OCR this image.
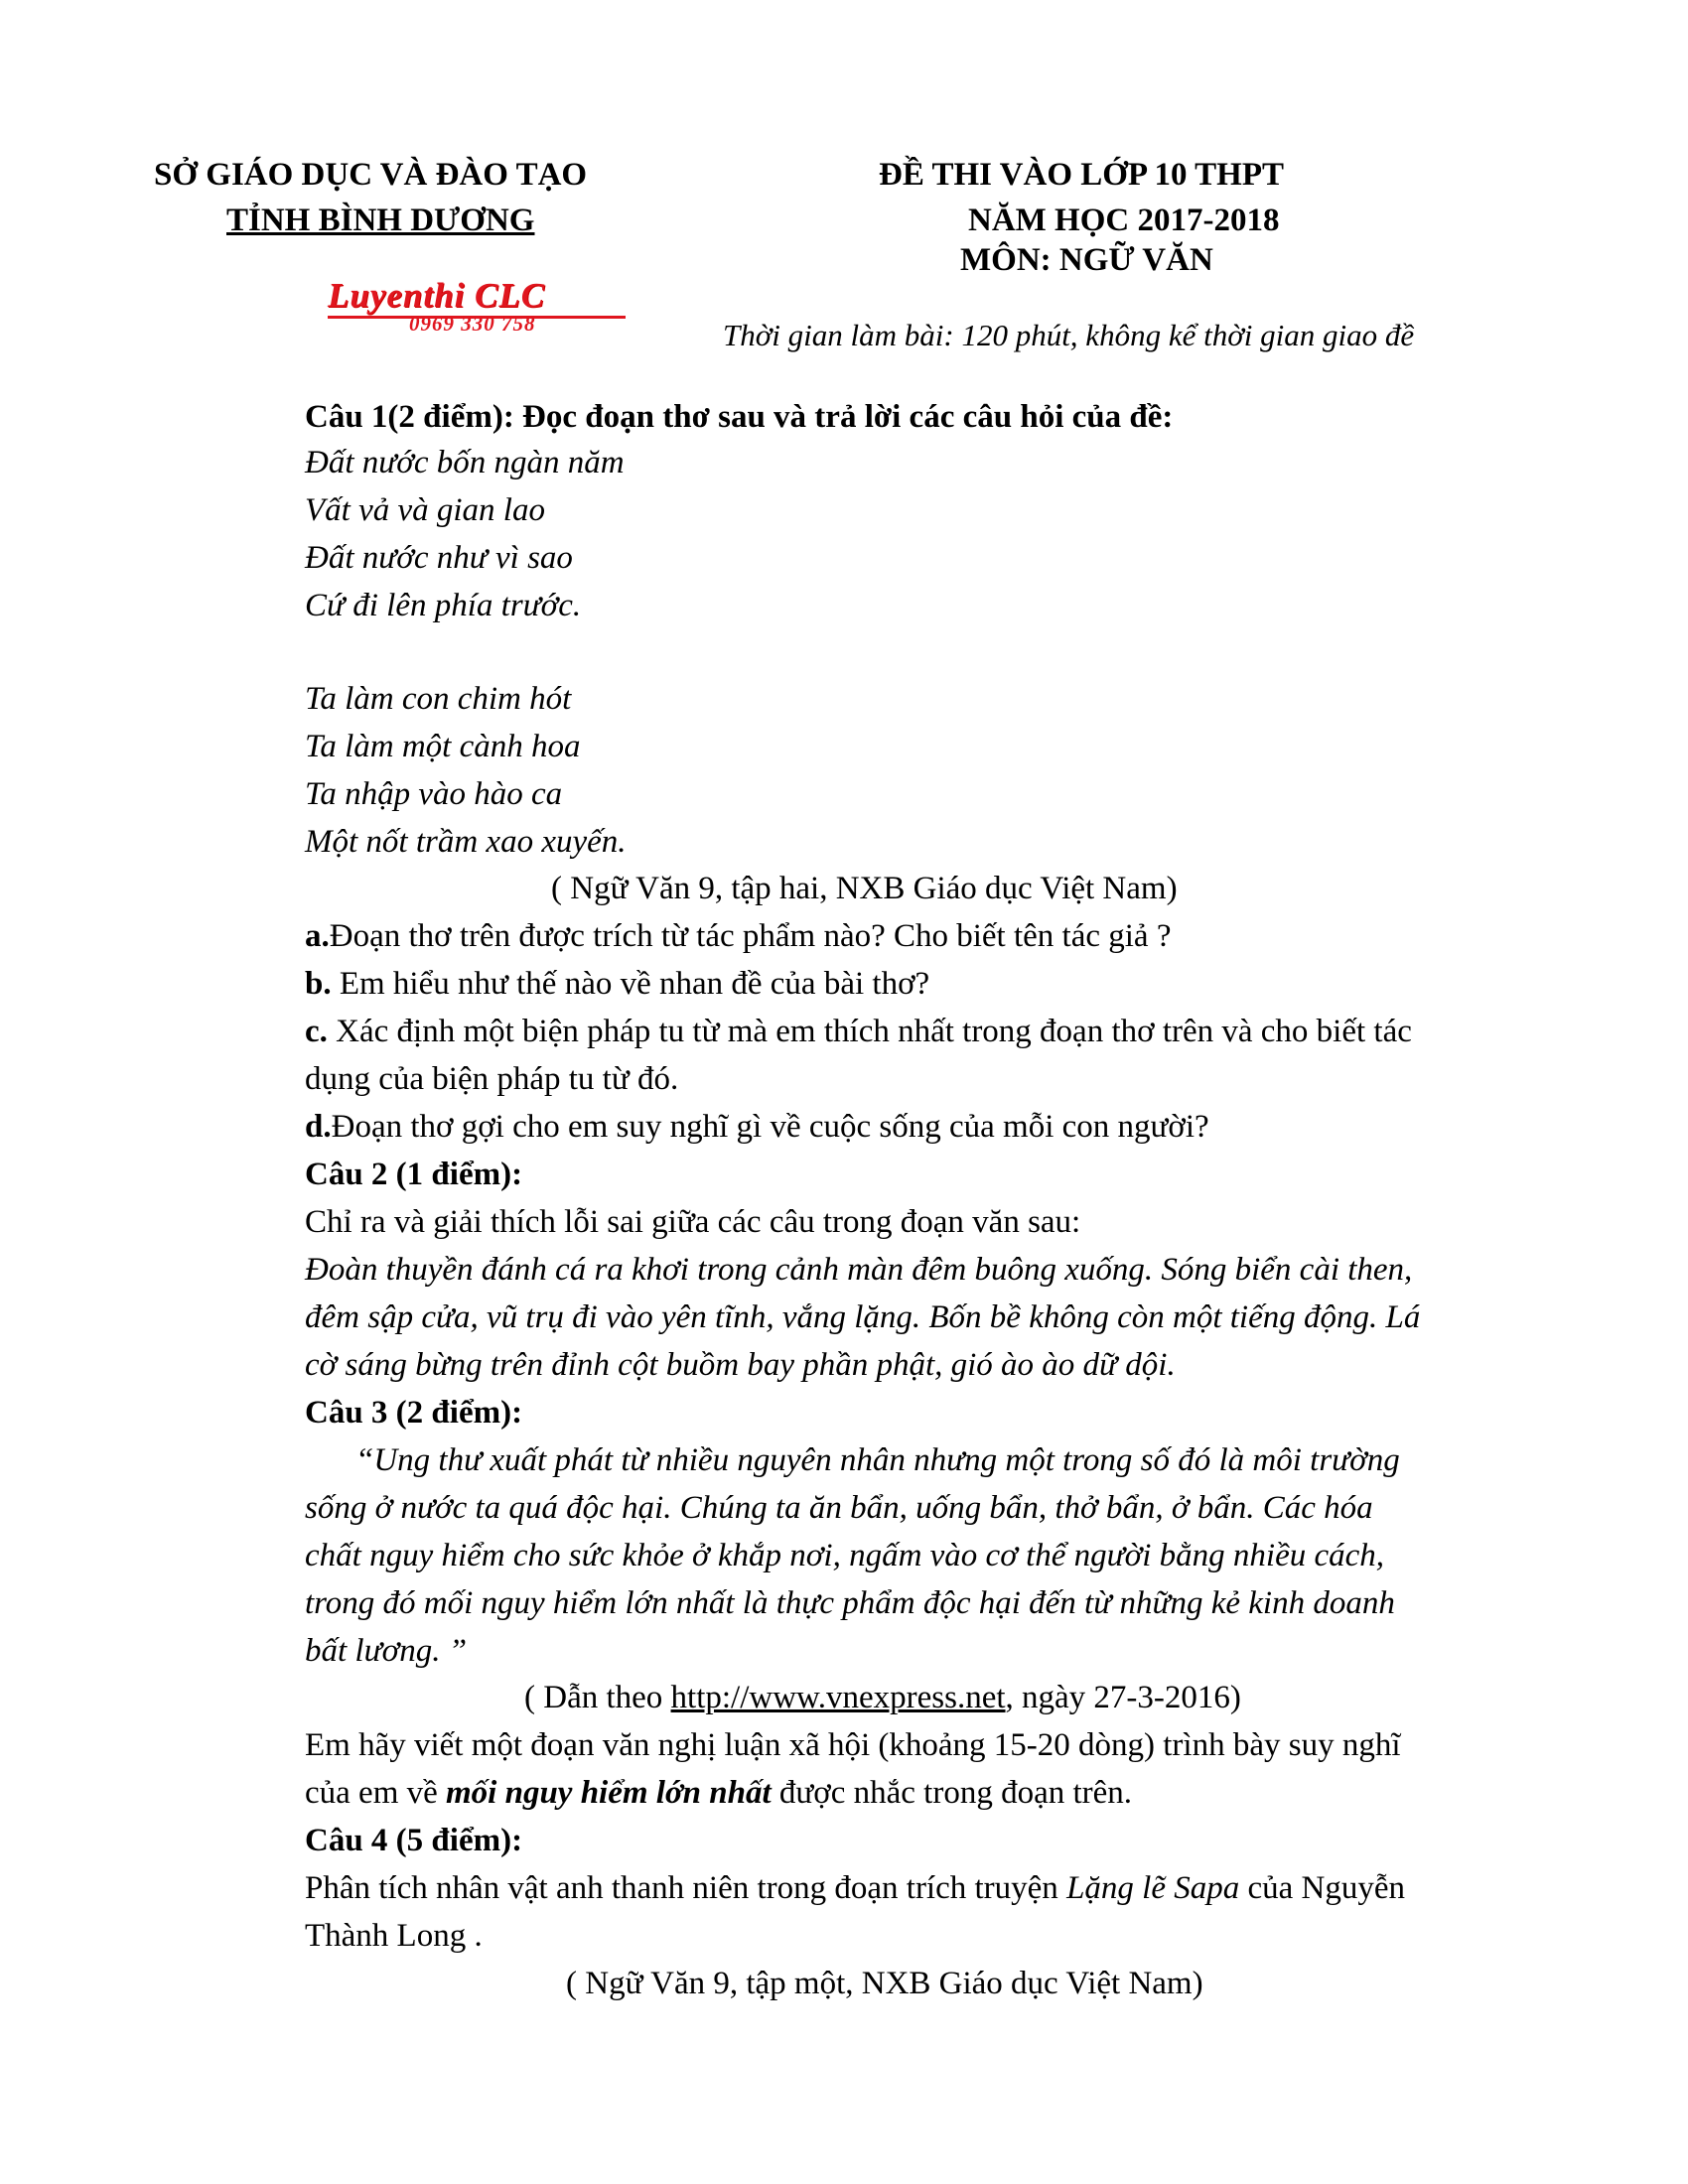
SỞ GIÁO DỤC VÀ ĐÀO TẠO
TỈNH BÌNH DƯƠNG
ĐỀ THI VÀO LỚP 10 THPT
NĂM HỌC 2017-2018
MÔN: NGỮ VĂN
Luyenthi CLC
0969 330 758	Thời gian làm bài: 120 phút, không kể thời gian giao đề
Câu 1(2 điểm): Đọc đoạn thơ sau và trả lời các câu hỏi của đề:
Đất nước bốn ngàn năm
Vất vả và gian lao
Đất nước như vì sao
Cứ đi lên phía trước.
Ta làm con chim hót
Ta làm một cành hoa
Ta nhập vào hào ca
Một nốt trầm xao xuyến.
( Ngữ Văn 9, tập hai, NXB Giáo dục Việt Nam)
a.Đoạn thơ trên được trích từ tác phẩm nào? Cho biết tên tác giả ?
b. Em hiểu như thế nào về nhan đề của bài thơ?
c. Xác định một biện pháp tu từ mà em thích nhất trong đoạn thơ trên và cho biết tác
dụng của biện pháp tu từ đó.
d.Đoạn thơ gợi cho em suy nghĩ gì về cuộc sống của mỗi con người?
Câu 2 (1 điểm):
Chỉ ra và giải thích lỗi sai giữa các câu trong đoạn văn sau:
Đoàn thuyền đánh cá ra khơi trong cảnh màn đêm buông xuống. Sóng biển cài then,
đêm sập cửa, vũ trụ đi vào yên tĩnh, vắng lặng. Bốn bề không còn một tiếng động. Lá
cờ sáng bừng trên đỉnh cột buồm bay phần phật, gió ào ào dữ dội.
Câu 3 (2 điểm):
“Ung thư xuất phát từ nhiều nguyên nhân nhưng một trong số đó là môi trường
sống ở nước ta quá độc hại. Chúng ta ăn bẩn, uống bẩn, thở bẩn, ở bẩn. Các hóa
chất nguy hiểm cho sức khỏe ở khắp nơi, ngấm vào cơ thể người bằng nhiều cách,
trong đó mối nguy hiểm lớn nhất là thực phẩm độc hại đến từ những kẻ kinh doanh
bất lương. ”
( Dẫn theo http://www.vnexpress.net, ngày 27-3-2016)
Em hãy viết một đoạn văn nghị luận xã hội (khoảng 15-20 dòng) trình bày suy nghĩ
của em về mối nguy hiểm lớn nhất được nhắc trong đoạn trên.
Câu 4 (5 điểm):
Phân tích nhân vật anh thanh niên trong đoạn trích truyện Lặng lẽ Sapa của Nguyễn
Thành Long .
( Ngữ Văn 9, tập một, NXB Giáo dục Việt Nam)
